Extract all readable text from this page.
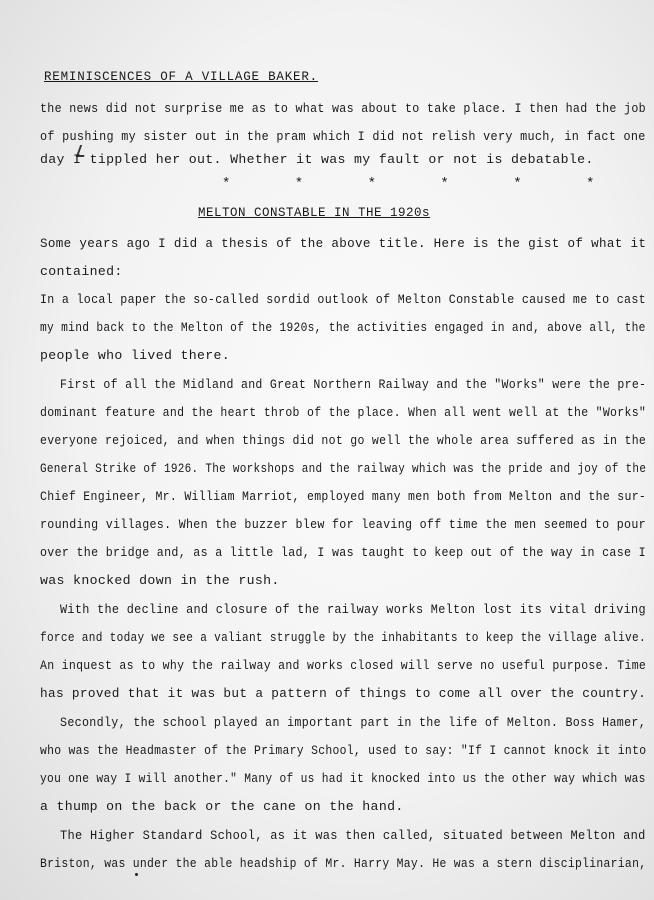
REMINISCENCES OF A VILLAGE BAKER.
the news did not surprise me as to what was about to take place. I then had the job
of pushing my sister out in the pram which I did not relish very much, in fact one
day I tippled her out. Whether it was my fault or not is debatable.
* * * * * *
MELTON CONSTABLE IN THE 1920s
Some years ago I did a thesis of the above title. Here is the gist of what it
contained:
In a local paper the so-called sordid outlook of Melton Constable caused me to cast
my mind back to the Melton of the 1920s, the activities engaged in and, above all, the
people who lived there.
First of all the Midland and Great Northern Railway and the "Works" were the pre-
dominant feature and the heart throb of the place. When all went well at the "Works"
everyone rejoiced, and when things did not go well the whole area suffered as in the
General Strike of 1926. The workshops and the railway which was the pride and joy of the
Chief Engineer, Mr. William Marriot, employed many men both from Melton and the sur-
rounding villages. When the buzzer blew for leaving off time the men seemed to pour
over the bridge and, as a little lad, I was taught to keep out of the way in case I
was knocked down in the rush.
With the decline and closure of the railway works Melton lost its vital driving
force and today we see a valiant struggle by the inhabitants to keep the village alive.
An inquest as to why the railway and works closed will serve no useful purpose. Time
has proved that it was but a pattern of things to come all over the country.
Secondly, the school played an important part in the life of Melton. Boss Hamer,
who was the Headmaster of the Primary School, used to say: "If I cannot knock it into
you one way I will another." Many of us had it knocked into us the other way which was
a thump on the back or the cane on the hand.
The Higher Standard School, as it was then called, situated between Melton and
Briston, was under the able headship of Mr. Harry May. He was a stern disciplinarian,
